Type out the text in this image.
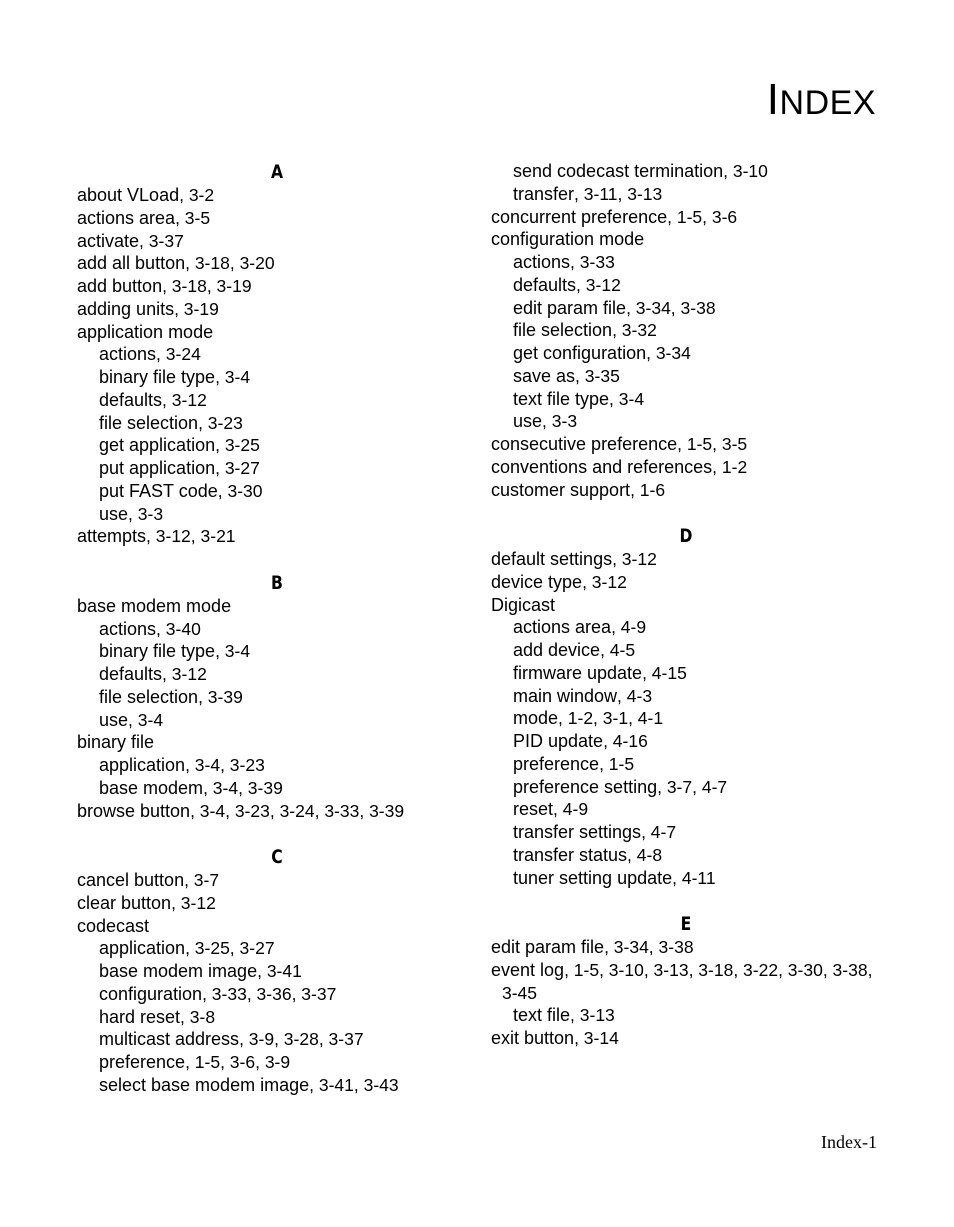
INDEX
A
about VLoad, 3-2
actions area, 3-5
activate, 3-37
add all button, 3-18, 3-20
add button, 3-18, 3-19
adding units, 3-19
application mode
actions, 3-24
binary file type, 3-4
defaults, 3-12
file selection, 3-23
get application, 3-25
put application, 3-27
put FAST code, 3-30
use, 3-3
attempts, 3-12, 3-21
B
base modem mode
actions, 3-40
binary file type, 3-4
defaults, 3-12
file selection, 3-39
use, 3-4
binary file
application, 3-4, 3-23
base modem, 3-4, 3-39
browse button, 3-4, 3-23, 3-24, 3-33, 3-39
C
cancel button, 3-7
clear button, 3-12
codecast
application, 3-25, 3-27
base modem image, 3-41
configuration, 3-33, 3-36, 3-37
hard reset, 3-8
multicast address, 3-9, 3-28, 3-37
preference, 1-5, 3-6, 3-9
select base modem image, 3-41, 3-43
send codecast termination, 3-10
transfer, 3-11, 3-13
concurrent preference, 1-5, 3-6
configuration mode
actions, 3-33
defaults, 3-12
edit param file, 3-34, 3-38
file selection, 3-32
get configuration, 3-34
save as, 3-35
text file type, 3-4
use, 3-3
consecutive preference, 1-5, 3-5
conventions and references, 1-2
customer support, 1-6
D
default settings, 3-12
device type, 3-12
Digicast
actions area, 4-9
add device, 4-5
firmware update, 4-15
main window, 4-3
mode, 1-2, 3-1, 4-1
PID update, 4-16
preference, 1-5
preference setting, 3-7, 4-7
reset, 4-9
transfer settings, 4-7
transfer status, 4-8
tuner setting update, 4-11
E
edit param file, 3-34, 3-38
event log, 1-5, 3-10, 3-13, 3-18, 3-22, 3-30, 3-38, 3-45
text file, 3-13
exit button, 3-14
Index-1
